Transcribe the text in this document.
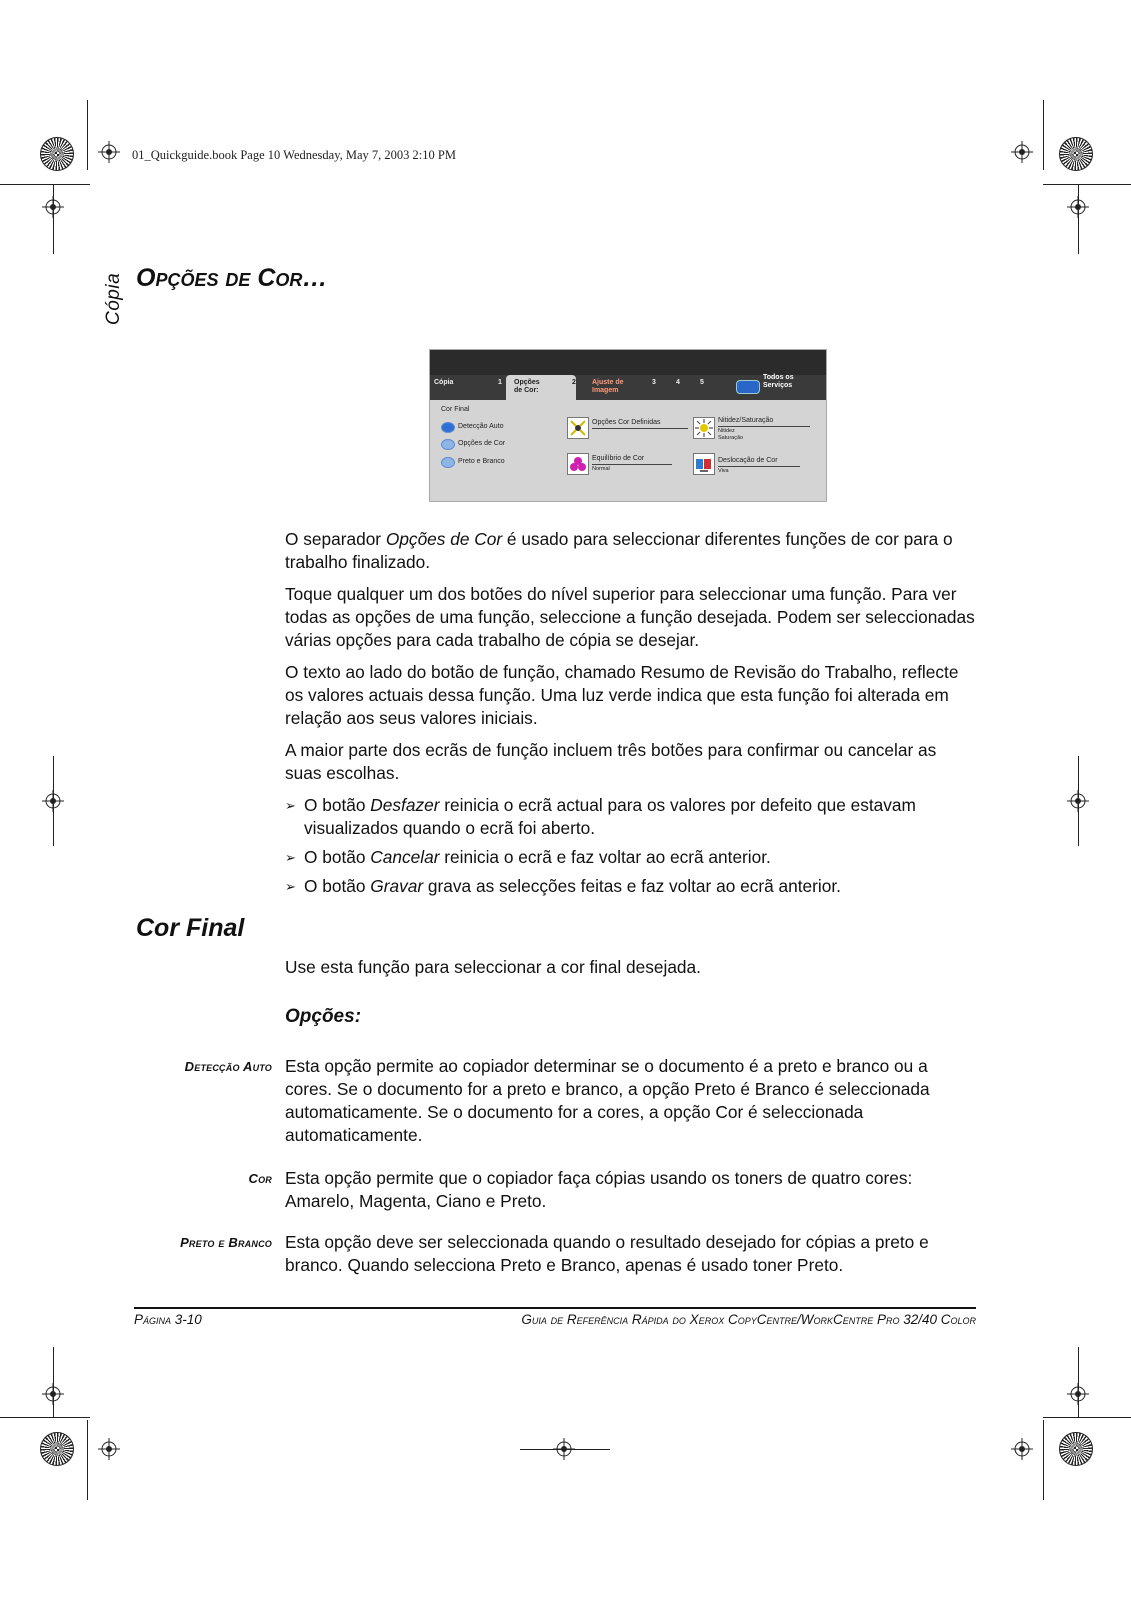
01_Quickguide.book Page 10 Wednesday, May 7, 2003 2:10 PM
Cópia Opções de Cor…
Cópia	1 Opções
de Cor:
2 Ajuste de
Imagem
3	4	5
Todos os
Serviços
Cor Final
Detecção Auto
Opções de Cor
Preto e Branco
Opções Cor Definidas	Nitidez/Saturação
Nitidez
Saturação
Equilíbrio de Cor
Normal
Deslocação de Cor
Viva

O separador Opções de Cor é usado para seleccionar diferentes funções de cor para o trabalho finalizado.

Toque qualquer um dos botões do nível superior para seleccionar uma função. Para ver todas as opções de uma função, seleccione a função desejada. Podem ser seleccionadas várias opções para cada trabalho de cópia se desejar.

O texto ao lado do botão de função, chamado Resumo de Revisão do Trabalho, reflecte os valores actuais dessa função. Uma luz verde indica que esta função foi alterada em relação aos seus valores iniciais.

A maior parte dos ecrãs de função incluem três botões para confirmar ou cancelar as suas escolhas.

➢ O botão Desfazer reinicia o ecrã actual para os valores por defeito que estavam visualizados quando o ecrã foi aberto.
➢ O botão Cancelar reinicia o ecrã e faz voltar ao ecrã anterior.
➢ O botão Gravar grava as selecções feitas e faz voltar ao ecrã anterior.
Cor Final
Use esta função para seleccionar a cor final desejada.
Opções:
Detecção Auto Esta opção permite ao copiador determinar se o documento é a preto e branco ou a cores. Se o documento for a preto e branco, a opção Preto é Branco é seleccionada automaticamente. Se o documento for a cores, a opção Cor é seleccionada automaticamente.
Cor Esta opção permite que o copiador faça cópias usando os toners de quatro cores: Amarelo, Magenta, Ciano e Preto.
Preto e Branco Esta opção deve ser seleccionada quando o resultado desejado for cópias a preto e branco. Quando selecciona Preto e Branco, apenas é usado toner Preto.
Página 3-10	Guia de Referência Rápida do Xerox CopyCentre/WorkCentre Pro 32/40 Color
